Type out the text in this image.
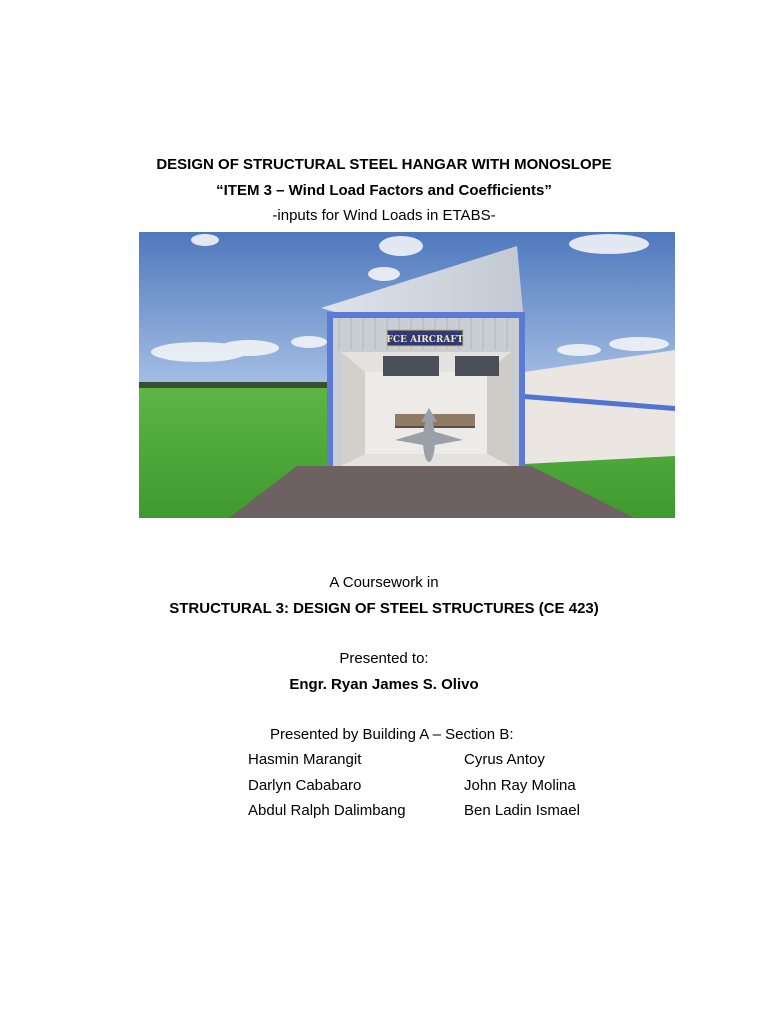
DESIGN OF STRUCTURAL STEEL HANGAR WITH MONOSLOPE
“ITEM 3 – Wind Load Factors and Coefficients”
-inputs for Wind Loads in ETABS-
FCE AIRCRAFT
A Coursework in
STRUCTURAL 3: DESIGN OF STEEL STRUCTURES (CE 423)
Presented to:
Engr. Ryan James S. Olivo
Presented by Building A – Section B:
Hasmin Marangit
Darlyn Cababaro
Abdul Ralph Dalimbang
Cyrus Antoy
John Ray Molina
Ben Ladin Ismael
